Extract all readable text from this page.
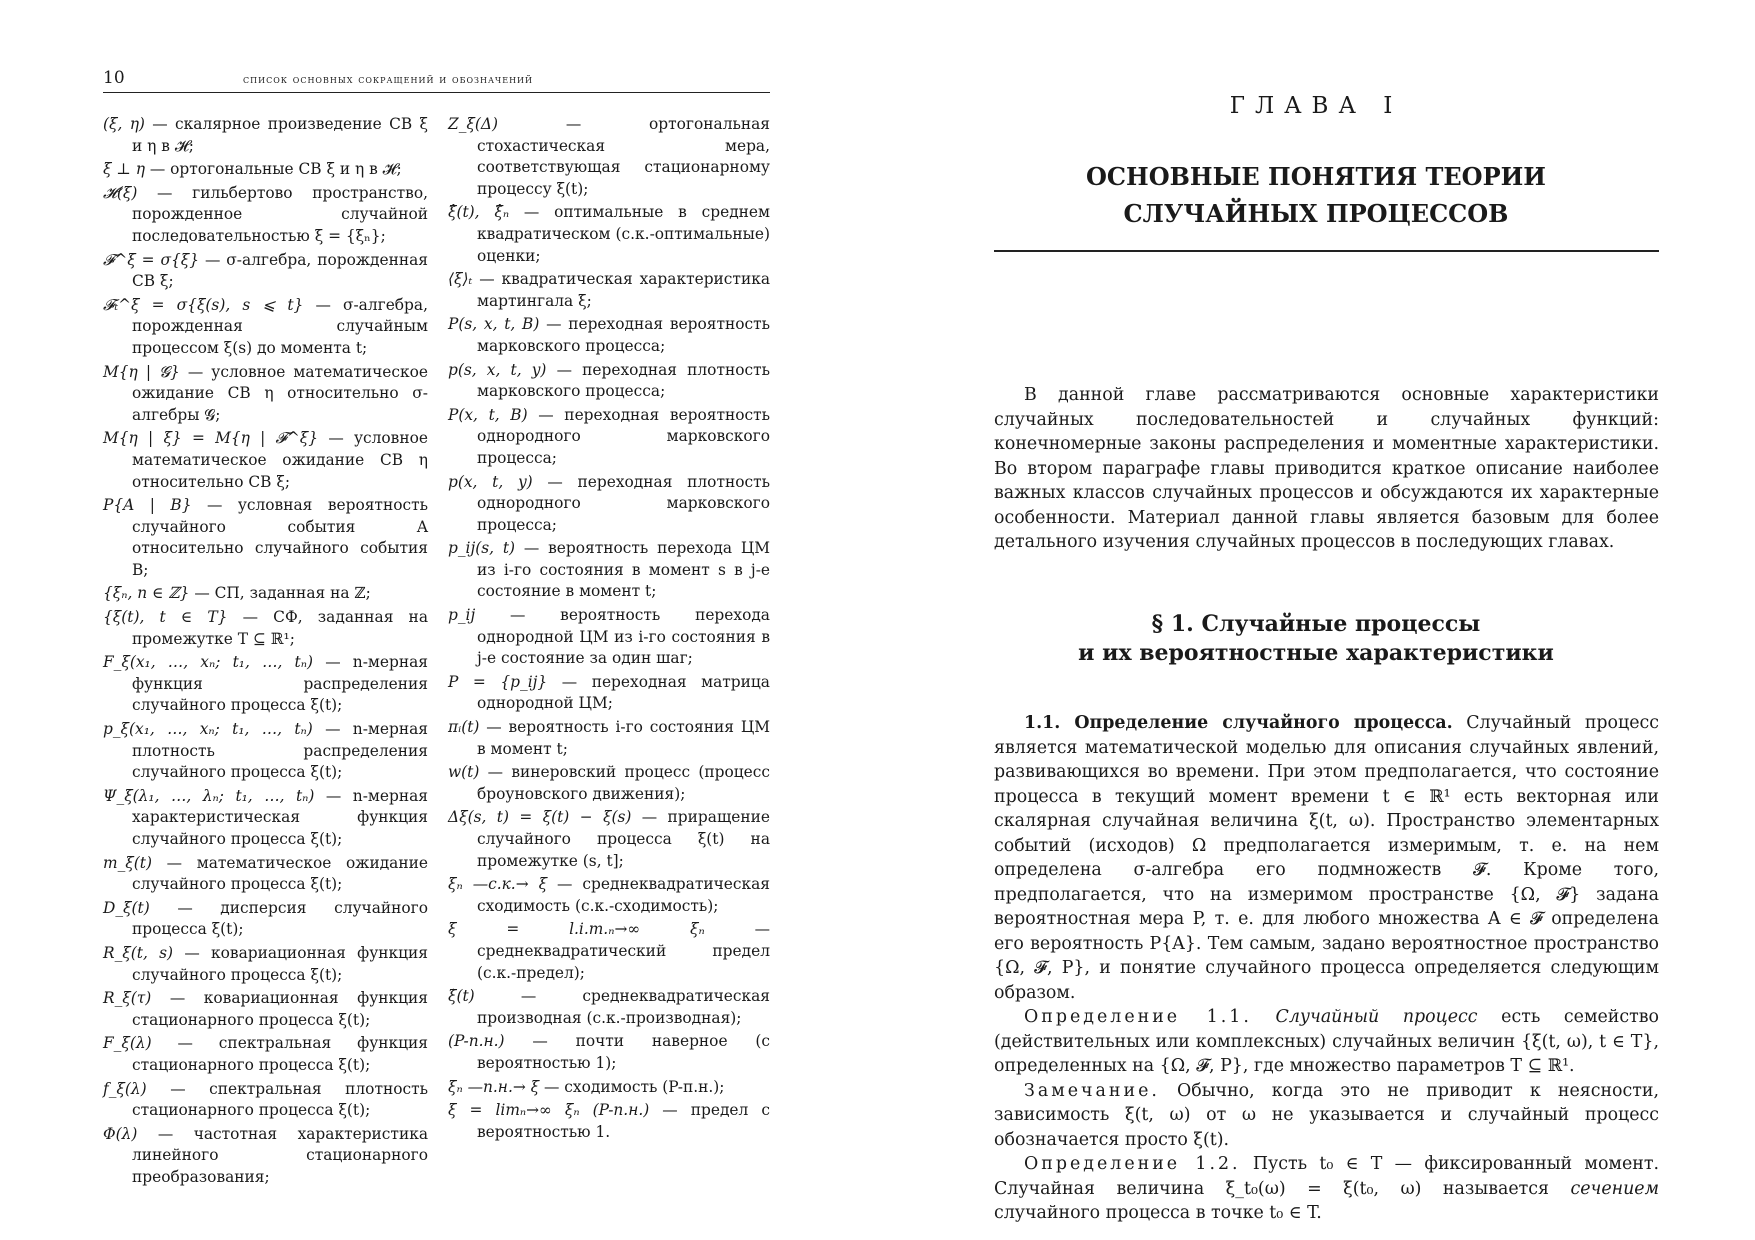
10	список основных сокращений и обозначений
(ξ, η) — скалярное произведение СВ ξ и η в 𝓗;
ξ ⊥ η — ортогональные СВ ξ и η в 𝓗;
𝓗(ξ) — гильбертово пространство, порожденное случайной последовательностью ξ = {ξₙ};
𝓕^ξ = σ{ξ} — σ-алгебра, порожденная СВ ξ;
𝓕ₜ^ξ = σ{ξ(s), s ⩽ t} — σ-алгебра, порожденная случайным процессом ξ(s) до момента t;
M{η | 𝓖} — условное математическое ожидание СВ η относительно σ-алгебры 𝓖;
M{η | ξ} = M{η | 𝓕^ξ} — условное математическое ожидание СВ η относительно СВ ξ;
P{A | B} — условная вероятность случайного события A относительно случайного события B;
{ξₙ, n ∈ ℤ} — СП, заданная на ℤ;
{ξ(t), t ∈ T} — СФ, заданная на промежутке T ⊆ ℝ¹;
F_ξ(x₁, …, xₙ; t₁, …, tₙ) — n-мерная функция распределения случайного процесса ξ(t);
p_ξ(x₁, …, xₙ; t₁, …, tₙ) — n-мерная плотность распределения случайного процесса ξ(t);
Ψ_ξ(λ₁, …, λₙ; t₁, …, tₙ) — n-мерная характеристическая функция случайного процесса ξ(t);
m_ξ(t) — математическое ожидание случайного процесса ξ(t);
D_ξ(t) — дисперсия случайного процесса ξ(t);
R_ξ(t, s) — ковариационная функция случайного процесса ξ(t);
R_ξ(τ) — ковариационная функция стационарного процесса ξ(t);
F_ξ(λ) — спектральная функция стационарного процесса ξ(t);
f_ξ(λ) — спектральная плотность стационарного процесса ξ(t);
Φ(λ) — частотная характеристика линейного стационарного преобразования;
Z_ξ(Δ) — ортогональная стохастическая мера, соответствующая стационарному процессу ξ(t);
ξ̂(t), ξ̂ₙ — оптимальные в среднем квадратическом (с.к.-оптимальные) оценки;
⟨ξ⟩ₜ — квадратическая характеристика мартингала ξ;
P(s, x, t, B) — переходная вероятность марковского процесса;
p(s, x, t, y) — переходная плотность марковского процесса;
P(x, t, B) — переходная вероятность однородного марковского процесса;
p(x, t, y) — переходная плотность однородного марковского процесса;
p_ij(s, t) — вероятность перехода ЦМ из i-го состояния в момент s в j-е состояние в момент t;
p_ij — вероятность перехода однородной ЦМ из i-го состояния в j-е состояние за один шаг;
P = {p_ij} — переходная матрица однородной ЦМ;
πᵢ(t) — вероятность i-го состояния ЦМ в момент t;
w(t) — винеровский процесс (процесс броуновского движения);
Δξ(s, t) = ξ(t) − ξ(s) — приращение случайного процесса ξ(t) на промежутке (s, t];
ξₙ —с.к.→ ξ — среднеквадратическая сходимость (с.к.-сходимость);
ξ = l.i.m.ₙ→∞ ξₙ — среднеквадратический предел (с.к.-предел);
ξ̇(t) — среднеквадратическая производная (с.к.-производная);
(P-п.н.) — почти наверное (с вероятностью 1);
ξₙ —п.н.→ ξ — сходимость (P-п.н.);
ξ = limₙ→∞ ξₙ (P-п.н.) — предел с вероятностью 1.
ГЛАВА I
ОСНОВНЫЕ ПОНЯТИЯ ТЕОРИИ
СЛУЧАЙНЫХ ПРОЦЕССОВ
В данной главе рассматриваются основные характеристики случайных последовательностей и случайных функций: конечномерные законы распределения и моментные характеристики. Во втором параграфе главы приводится краткое описание наиболее важных классов случайных процессов и обсуждаются их характерные особенности. Материал данной главы является базовым для более детального изучения случайных процессов в последующих главах.
§ 1. Случайные процессы
и их вероятностные характеристики

1.1. Определение случайного процесса. Случайный процесс является математической моделью для описания случайных явлений, развивающихся во времени. При этом предполагается, что состояние процесса в текущий момент времени t ∈ ℝ¹ есть векторная или скалярная случайная величина ξ(t, ω). Пространство элементарных событий (исходов) Ω предполагается измеримым, т. е. на нем определена σ-алгебра его подмножеств 𝓕. Кроме того, предполагается, что на измеримом пространстве {Ω, 𝓕} задана вероятностная мера P, т. е. для любого множества A ∈ 𝓕 определена его вероятность P{A}. Тем самым, задано вероятностное пространство {Ω, 𝓕, P}, и понятие случайного процесса определяется следующим образом.

Определение 1.1. Случайный процесс есть семейство (действительных или комплексных) случайных величин {ξ(t, ω), t ∈ T}, определенных на {Ω, 𝓕, P}, где множество параметров T ⊆ ℝ¹.

Замечание. Обычно, когда это не приводит к неясности, зависимость ξ(t, ω) от ω не указывается и случайный процесс обозначается просто ξ(t).

Определение 1.2. Пусть t₀ ∈ T — фиксированный момент. Случайная величина ξ_t₀(ω) = ξ(t₀, ω) называется сечением случайного процесса в точке t₀ ∈ T.
